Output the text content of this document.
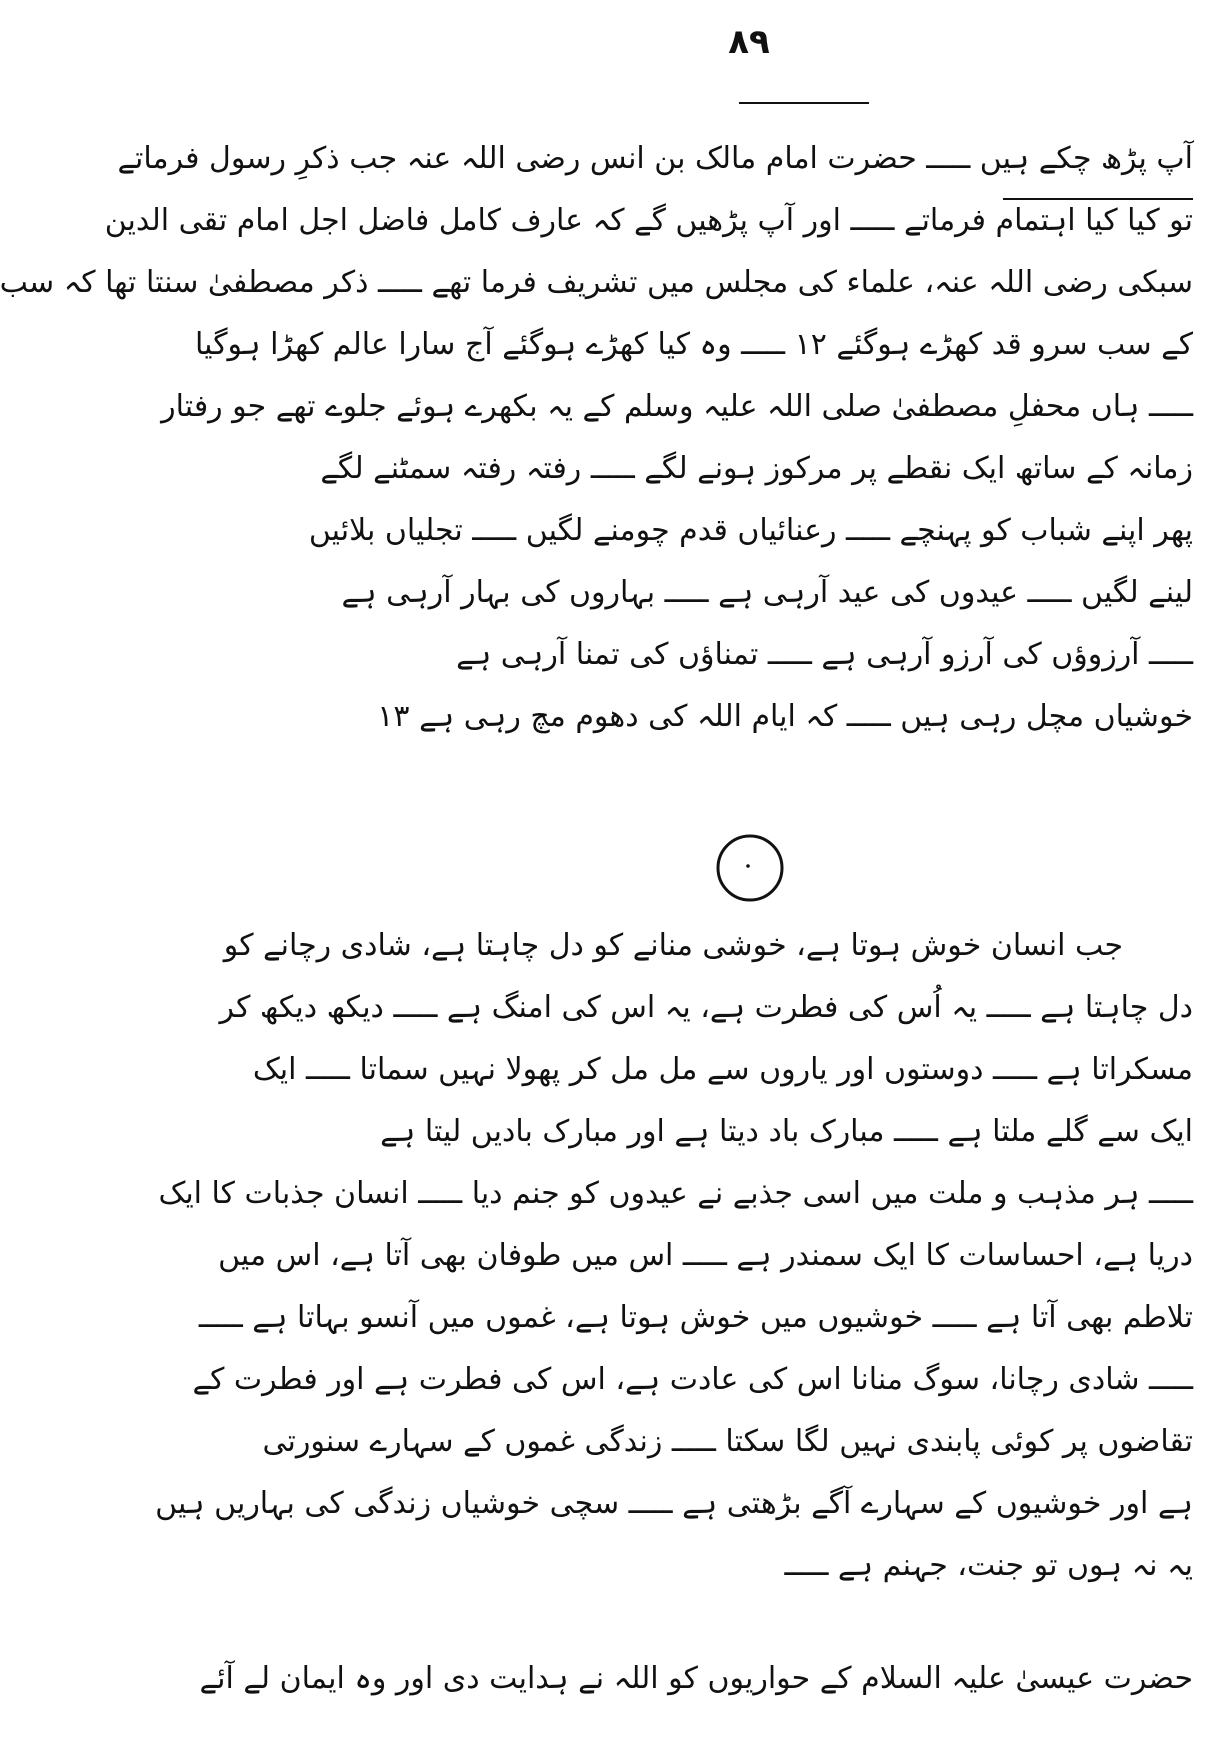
۸۹
آپ پڑھ چکے ہیں ـــــ حضرت امام مالک بن انس رضی اللہ عنہ جب ذکرِ رسول فرماتے
تو کیا کیا اہتمام فرماتے ـــــ اور آپ پڑھیں گے کہ عارف کامل فاضل اجل امام تقی الدین
سبکی رضی اللہ عنہ، علماء کی مجلس میں تشریف فرما تھے ـــــ ذکر مصطفیٰ سنتا تھا کہ سب
کے سب سرو قد کھڑے ہوگئے ۱۲ ـــــ وہ کیا کھڑے ہوگئے آج سارا عالم کھڑا ہوگیا
ـــــ ہاں محفلِ مصطفیٰ صلی اللہ علیہ وسلم کے یہ بکھرے ہوئے جلوے تھے جو رفتار
زمانہ کے ساتھ ایک نقطے پر مرکوز ہونے لگے ـــــ رفتہ رفتہ سمٹنے لگے
پھر اپنے شباب کو پہنچے ـــــ رعنائیاں قدم چومنے لگیں ـــــ تجلیاں بلائیں
لینے لگیں ـــــ عیدوں کی عید آرہی ہے ـــــ بہاروں کی بہار آرہی ہے
ـــــ آرزوؤں کی آرزو آرہی ہے ـــــ تمناؤں کی تمنا آرہی ہے
خوشیاں مچل رہی ہیں ـــــ کہ ایام اللہ کی دھوم مچ رہی ہے ۱۳
جب انسان خوش ہوتا ہے، خوشی منانے کو دل چاہتا ہے، شادی رچانے کو
دل چاہتا ہے ـــــ یہ اُس کی فطرت ہے، یہ اس کی امنگ ہے ـــــ دیکھ دیکھ کر
مسکراتا ہے ـــــ دوستوں اور یاروں سے مل مل کر پھولا نہیں سماتا ـــــ ایک
ایک سے گلے ملتا ہے ـــــ مبارک باد دیتا ہے اور مبارک بادیں لیتا ہے
ـــــ ہر مذہب و ملت میں اسی جذبے نے عیدوں کو جنم دیا ـــــ انسان جذبات کا ایک
دریا ہے، احساسات کا ایک سمندر ہے ـــــ اس میں طوفان بھی آتا ہے، اس میں
تلاطم بھی آتا ہے ـــــ خوشیوں میں خوش ہوتا ہے، غموں میں آنسو بہاتا ہے ـــــ
ـــــ شادی رچانا، سوگ منانا اس کی عادت ہے، اس کی فطرت ہے اور فطرت کے
تقاضوں پر کوئی پابندی نہیں لگا سکتا ـــــ زندگی غموں کے سہارے سنورتی
ہے اور خوشیوں کے سہارے آگے بڑھتی ہے ـــــ سچی خوشیاں زندگی کی بہاریں ہیں
یہ نہ ہوں تو جنت، جہنم ہے ـــــ
حضرت عیسیٰ علیہ السلام کے حواریوں کو اللہ نے ہدایت دی اور وہ ایمان لے آئے
